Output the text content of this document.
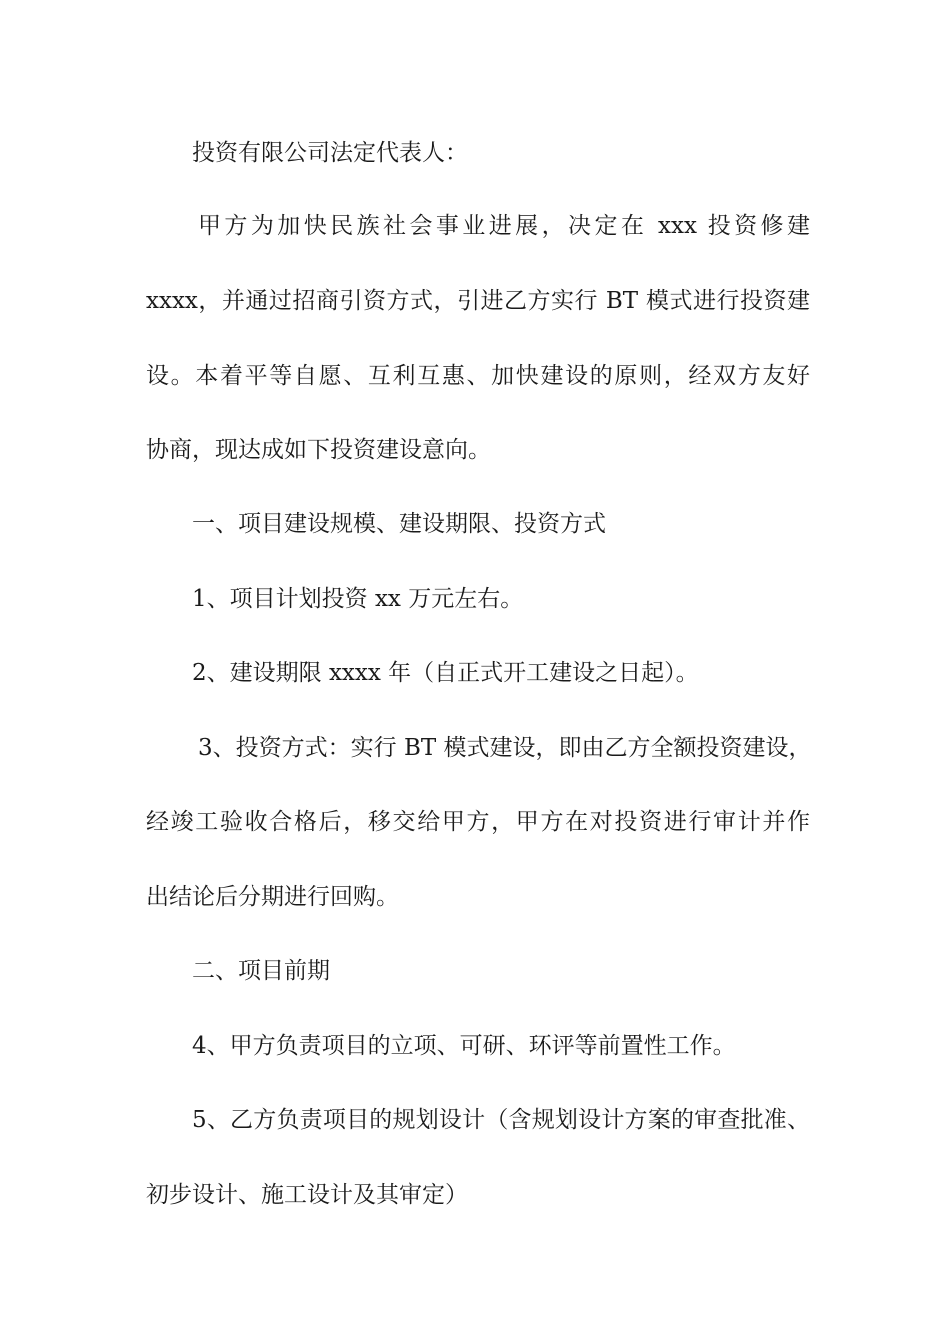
投资有限公司法定代表人：
甲方为加快民族社会事业进展，决定在 xxx 投资修建
xxxx，并通过招商引资方式，引进乙方实行 BT 模式进行投资建
设。本着平等自愿、互利互惠、加快建设的原则，经双方友好
协商，现达成如下投资建设意向。
一、项目建设规模、建设期限、投资方式
1、项目计划投资 xx 万元左右。
2、建设期限 xxxx 年（自正式开工建设之日起）。
3、投资方式：实行 BT 模式建设，即由乙方全额投资建设，
经竣工验收合格后，移交给甲方，甲方在对投资进行审计并作
出结论后分期进行回购。
二、项目前期
4、甲方负责项目的立项、可研、环评等前置性工作。
5、乙方负责项目的规划设计（含规划设计方案的审查批准、
初步设计、施工设计及其审定）
